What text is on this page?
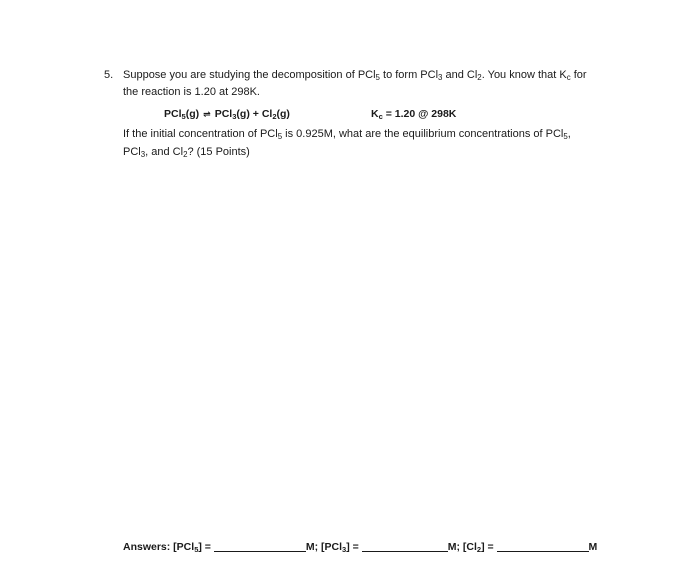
5. Suppose you are studying the decomposition of PCl$_5$ to form PCl$_3$ and $Cl_2$. You know that $K_c$ for
the reaction is 1.20 at 298K.
PCl$_5$(g) ⇌ $PCl_3(g) + Cl_2(g)$	$K_c = 1.20$ @ 298K
If the initial concentration of PCl$_5$ is 0.925M, what are the equilibrium concentrations of PCl$_5$,
PCl$_3$, and $Cl_2$? (15 Points)
Answers: [PCl$_5$] =	M; [PCl$_3$] =	M; $[Cl_2]$ =	M
